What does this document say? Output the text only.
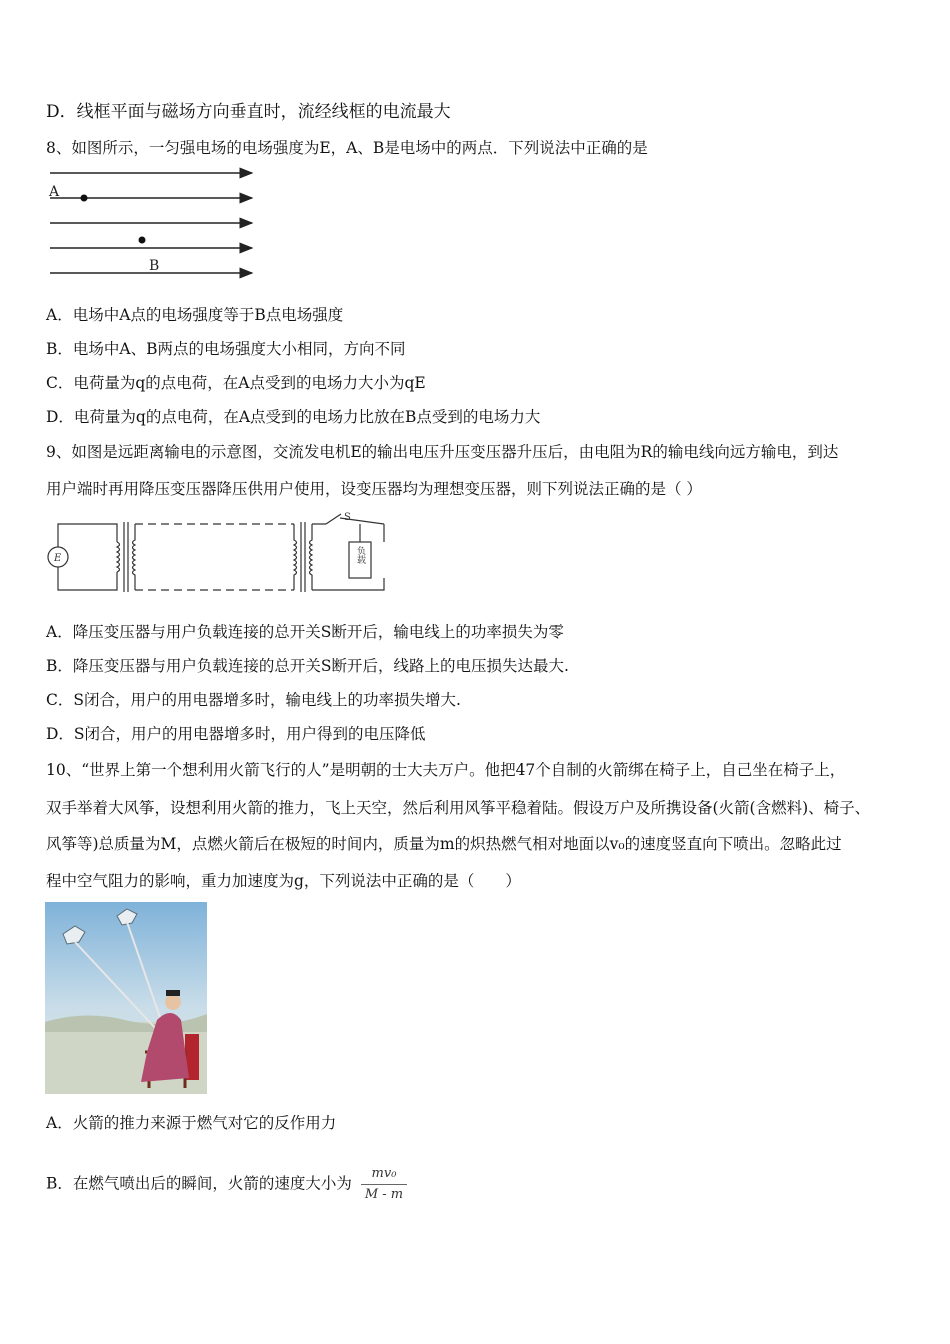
D．线框平面与磁场方向垂直时，流经线框的电流最大
8、如图所示，一匀强电场的电场强度为E，A、B是电场中的两点．下列说法中正确的是
A
B
A．电场中A点的电场强度等于B点电场强度
B．电场中A、B两点的电场强度大小相同，方向不同
C．电荷量为q的点电荷，在A点受到的电场力大小为qE
D．电荷量为q的点电荷，在A点受到的电场力比放在B点受到的电场力大
9、如图是远距离输电的示意图，交流发电机E的输出电压升压变压器升压后，由电阻为R的输电线向远方输电，到达
用户端时再用降压变压器降压供用户使用，设变压器均为理想变压器，则下列说法正确的是（ ）
E
S
负载
A．降压变压器与用户负载连接的总开关S断开后，输电线上的功率损失为零
B．降压变压器与用户负载连接的总开关S断开后，线路上的电压损失达最大.
C．S闭合，用户的用电器增多时，输电线上的功率损失增大.
D．S闭合，用户的用电器增多时，用户得到的电压降低
10、“世界上第一个想利用火箭飞行的人”是明朝的士大夫万户。他把47个自制的火箭绑在椅子上，自己坐在椅子上，
双手举着大风筝，设想利用火箭的推力，飞上天空，然后利用风筝平稳着陆。假设万户及所携设备(火箭(含燃料)、椅子、
风筝等)总质量为M，点燃火箭后在极短的时间内，质量为m的炽热燃气相对地面以v₀的速度竖直向下喷出。忽略此过
程中空气阻力的影响，重力加速度为g，下列说法中正确的是（　　）
A．火箭的推力来源于燃气对它的反作用力
B．在燃气喷出后的瞬间，火箭的速度大小为 $\frac{\text{mv₀}}{M - m}$
